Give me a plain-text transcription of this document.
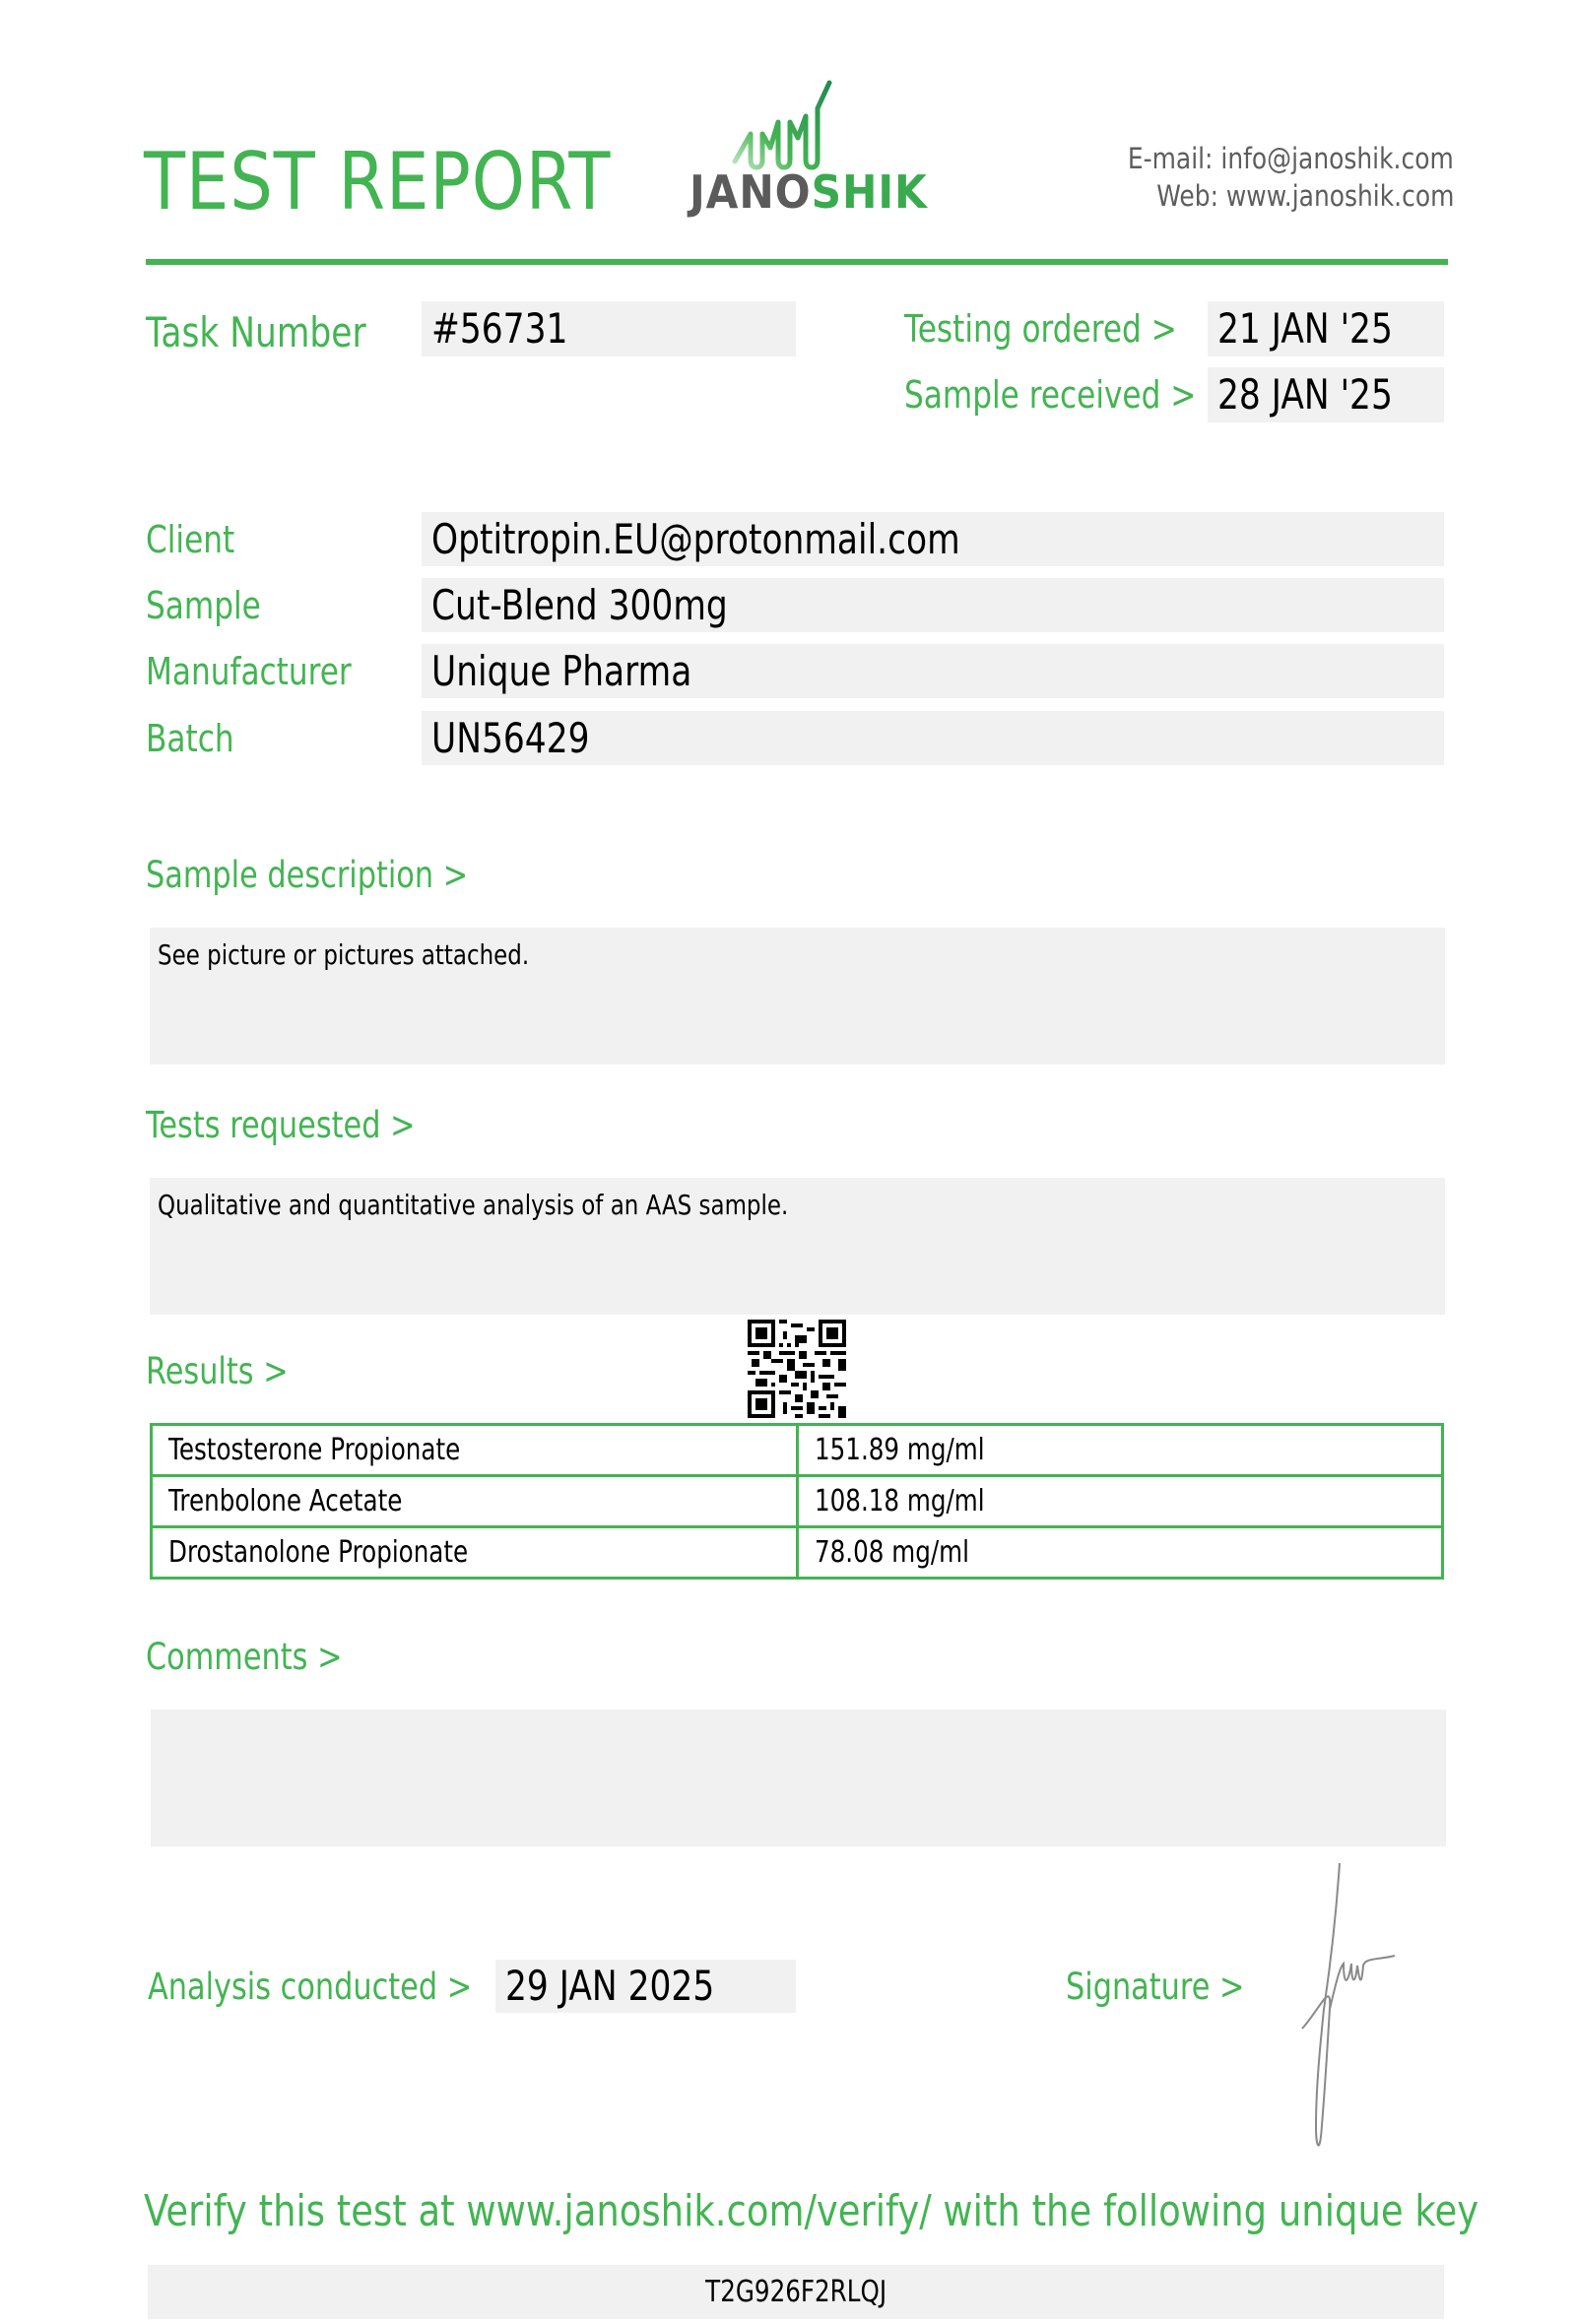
TEST REPORT	JANOSHIK
E-mail: info@janoshik.com
Web: www.janoshik.com
Task Number	#56731	Testing ordered > 21 JAN '25
Sample received > 28 JAN '25
Client	Optitropin.EU@protonmail.com
Sample	Cut-Blend 300mg
Manufacturer	Unique Pharma
Batch	UN56429
Sample description >
See picture or pictures attached.
Tests requested >
Qualitative and quantitative analysis of an AAS sample.
Results >
Testosterone Propionate	151.89 mg/ml
Trenbolone Acetate	108.18 mg/ml
Drostanolone Propionate	78.08 mg/ml
Comments >
Analysis conducted > 29 JAN 2025	Signature >
Verify this test at www.janoshik.com/verify/ with the following unique key
T2G926F2RLQJ
